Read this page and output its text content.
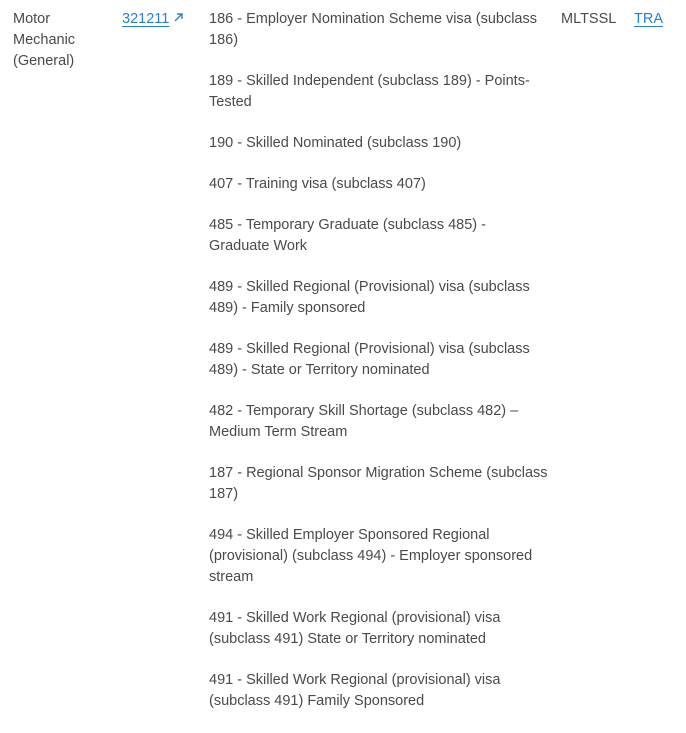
Motor Mechanic (General)
321211	186 - Employer Nomination Scheme visa (subclass 186)
189 - Skilled Independent (subclass 189) - Points-Tested
190 - Skilled Nominated (subclass 190)
407 - Training visa (subclass 407)
485 - Temporary Graduate (subclass 485) - Graduate Work
489 - Skilled Regional (Provisional) visa (subclass 489) - Family sponsored
489 - Skilled Regional (Provisional) visa (subclass 489) - State or Territory nominated
482 - Temporary Skill Shortage (subclass 482) – Medium Term Stream
187 - Regional Sponsor Migration Scheme (subclass 187)
494 - Skilled Employer Sponsored Regional (provisional) (subclass 494) - Employer sponsored stream
491 - Skilled Work Regional (provisional) visa (subclass 491) State or Territory nominated
491 - Skilled Work Regional (provisional) visa (subclass 491) Family Sponsored
MLTSSL TRA
